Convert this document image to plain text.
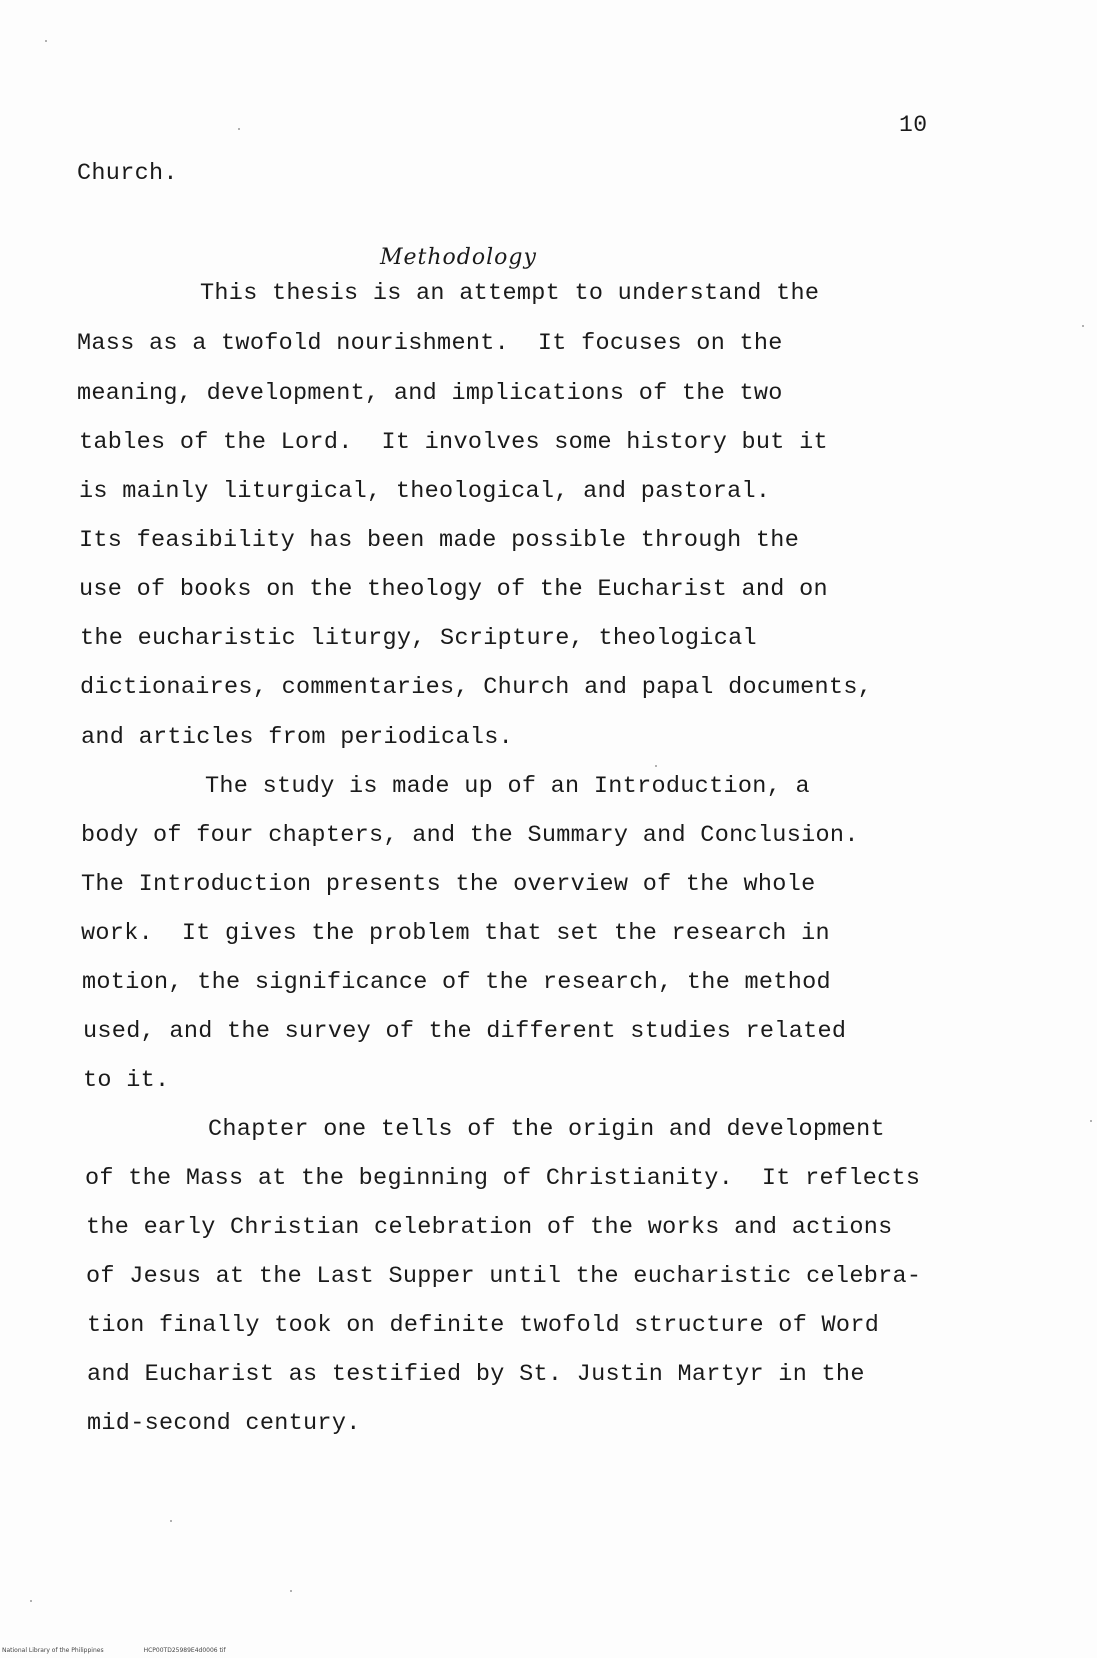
10
Church.
Methodology
This thesis is an attempt to understand the
Mass as a twofold nourishment.  It focuses on the
meaning, development, and implications of the two
tables of the Lord.  It involves some history but it
is mainly liturgical, theological, and pastoral.
Its feasibility has been made possible through the
use of books on the theology of the Eucharist and on
the eucharistic liturgy, Scripture, theological
dictionaires, commentaries, Church and papal documents,
and articles from periodicals.
The study is made up of an Introduction, a
body of four chapters, and the Summary and Conclusion.
The Introduction presents the overview of the whole
work.  It gives the problem that set the research in
motion, the significance of the research, the method
used, and the survey of the different studies related
to it.
Chapter one tells of the origin and development
of the Mass at the beginning of Christianity.  It reflects
the early Christian celebration of the works and actions
of Jesus at the Last Supper until the eucharistic celebra-
tion finally took on definite twofold structure of Word
and Eucharist as testified by St. Justin Martyr in the
mid-second century.
National Library of the Philippines	HCP00TD25989E4d0006 tif
